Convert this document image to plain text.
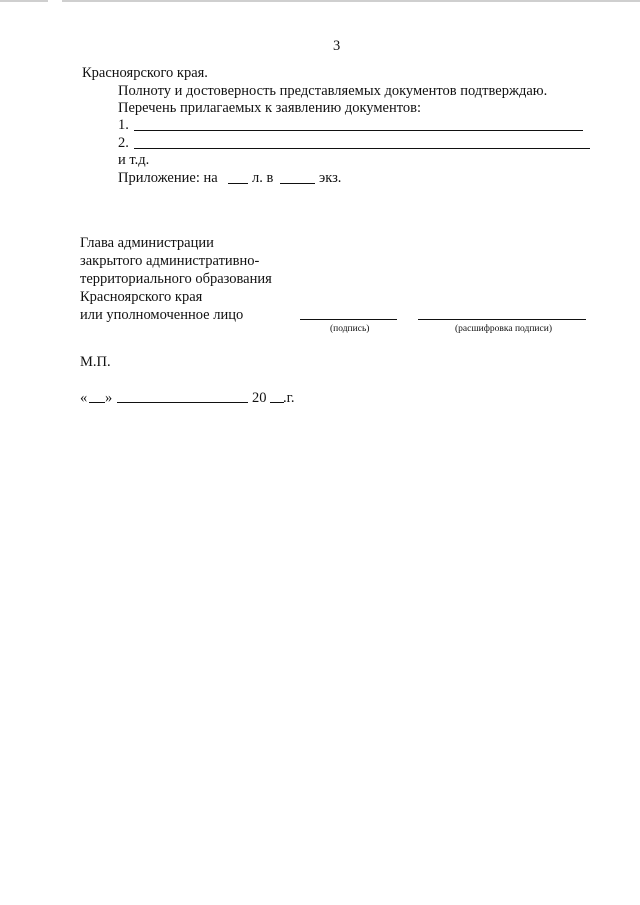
3
Красноярского края.
Полноту и достоверность представляемых документов подтверждаю.
Перечень прилагаемых к заявлению документов:
1.
2.
и т.д.
Приложение: на л. в	экз.
Глава администрации
закрытого административно-
территориального образования
Красноярского края
или уполномоченное лицо
(подпись)	(расшифровка подписи)
М.П.
« »	20 .г.
